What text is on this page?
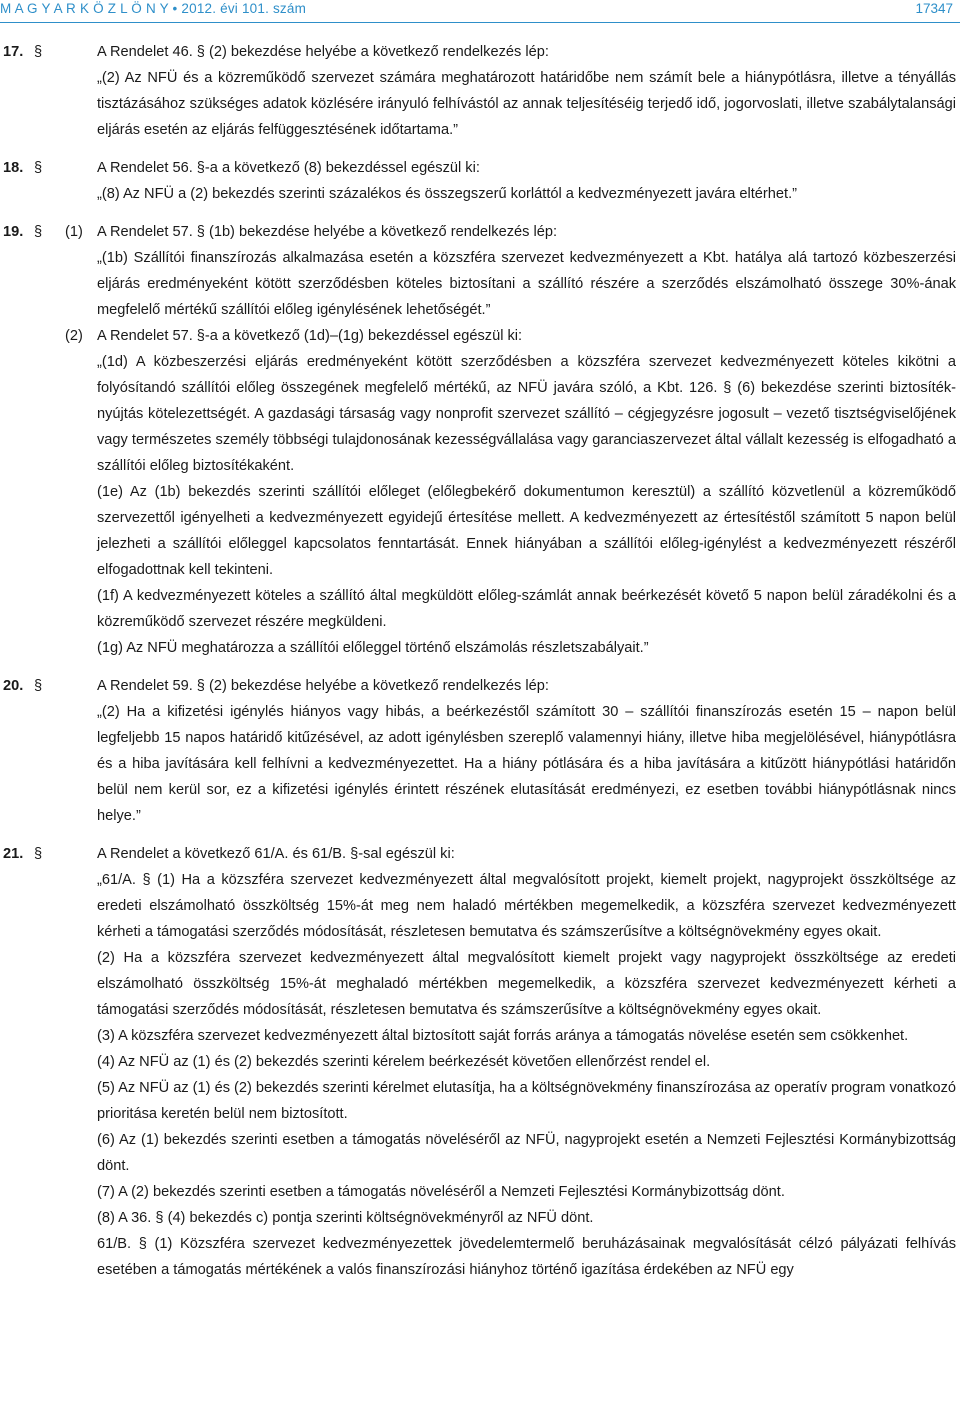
M A G Y A R K Ö Z L Ö N Y • 2012. évi 101. szám	17347
17. §	A Rendelet 46. § (2) bekezdése helyébe a következő rendelkezés lép:
„(2) Az NFÜ és a közreműködő szervezet számára meghatározott határidőbe nem számít bele a hiánypótlásra, illetve a tényállás tisztázásához szükséges adatok közlésére irányuló felhívástól az annak teljesítéséig terjedő idő, jogorvoslati, illetve szabálytalansági eljárás esetén az eljárás felfüggesztésének időtartama.”
18. §	A Rendelet 56. §-a a következő (8) bekezdéssel egészül ki:
„(8) Az NFÜ a (2) bekezdés szerinti százalékos és összegszerű korláttól a kedvezményezett javára eltérhet.”
19. § (1) A Rendelet 57. § (1b) bekezdése helyébe a következő rendelkezés lép:
„(1b) Szállítói finanszírozás alkalmazása esetén a közszféra szervezet kedvezményezett a Kbt. hatálya alá tartozó közbeszerzési eljárás eredményeként kötött szerződésben köteles biztosítani a szállító részére a szerződés elszámolható összege 30%-ának megfelelő mértékű szállítói előleg igénylésének lehetőségét.”
(2) A Rendelet 57. §-a a következő (1d)–(1g) bekezdéssel egészül ki:
„(1d) A közbeszerzési eljárás eredményeként kötött szerződésben a közszféra szervezet kedvezményezett köteles kikötni a folyósítandó szállítói előleg összegének megfelelő mértékű, az NFÜ javára szóló, a Kbt. 126. § (6) bekezdése szerinti biztosíték-nyújtás kötelezettségét. A gazdasági társaság vagy nonprofit szervezet szállító – cégjegyzésre jogosult – vezető tisztségviselőjének vagy természetes személy többségi tulajdonosának kezességvállalása vagy garanciaszervezet által vállalt kezesség is elfogadható a szállítói előleg biztosítékaként.
(1e) Az (1b) bekezdés szerinti szállítói előleget (előlegbekérő dokumentumon keresztül) a szállító közvetlenül a közreműködő szervezettől igényelheti a kedvezményezett egyidejű értesítése mellett. A kedvezményezett az értesítéstől számított 5 napon belül jelezheti a szállítói előleggel kapcsolatos fenntartását. Ennek hiányában a szállítói előleg-igénylést a kedvezményezett részéről elfogadottnak kell tekinteni.
(1f) A kedvezményezett köteles a szállító által megküldött előleg-számlát annak beérkezését követő 5 napon belül záradékolni és a közreműködő szervezet részére megküldeni.
(1g) Az NFÜ meghatározza a szállítói előleggel történő elszámolás részletszabályait.”
20. §	A Rendelet 59. § (2) bekezdése helyébe a következő rendelkezés lép:
„(2) Ha a kifizetési igénylés hiányos vagy hibás, a beérkezéstől számított 30 – szállítói finanszírozás esetén 15 – napon belül legfeljebb 15 napos határidő kitűzésével, az adott igénylésben szereplő valamennyi hiány, illetve hiba megjelölésével, hiánypótlásra és a hiba javítására kell felhívni a kedvezményezettet. Ha a hiány pótlására és a hiba javítására a kitűzött hiánypótlási határidőn belül nem kerül sor, ez a kifizetési igénylés érintett részének elutasítását eredményezi, ez esetben további hiánypótlásnak nincs helye.”
21. §	A Rendelet a következő 61/A. és 61/B. §-sal egészül ki:
„61/A. § (1) Ha a közszféra szervezet kedvezményezett által megvalósított projekt, kiemelt projekt, nagyprojekt összköltsége az eredeti elszámolható összköltség 15%-át meg nem haladó mértékben megemelkedik, a közszféra szervezet kedvezményezett kérheti a támogatási szerződés módosítását, részletesen bemutatva és számszerűsítve a költségnövekmény egyes okait.
(2) Ha a közszféra szervezet kedvezményezett által megvalósított kiemelt projekt vagy nagyprojekt összköltsége az eredeti elszámolható összköltség 15%-át meghaladó mértékben megemelkedik, a közszféra szervezet kedvezményezett kérheti a támogatási szerződés módosítását, részletesen bemutatva és számszerűsítve a költségnövekmény egyes okait.
(3) A közszféra szervezet kedvezményezett által biztosított saját forrás aránya a támogatás növelése esetén sem csökkenhet.
(4) Az NFÜ az (1) és (2) bekezdés szerinti kérelem beérkezését követően ellenőrzést rendel el.
(5) Az NFÜ az (1) és (2) bekezdés szerinti kérelmet elutasítja, ha a költségnövekmény finanszírozása az operatív program vonatkozó prioritása keretén belül nem biztosított.
(6) Az (1) bekezdés szerinti esetben a támogatás növeléséről az NFÜ, nagyprojekt esetén a Nemzeti Fejlesztési Kormánybizottság dönt.
(7) A (2) bekezdés szerinti esetben a támogatás növeléséről a Nemzeti Fejlesztési Kormánybizottság dönt.
(8) A 36. § (4) bekezdés c) pontja szerinti költségnövekményről az NFÜ dönt.
61/B. § (1) Közszféra szervezet kedvezményezettek jövedelemtermelő beruházásainak megvalósítását célzó pályázati felhívás esetében a támogatás mértékének a valós finanszírozási hiányhoz történő igazítása érdekében az NFÜ egy
